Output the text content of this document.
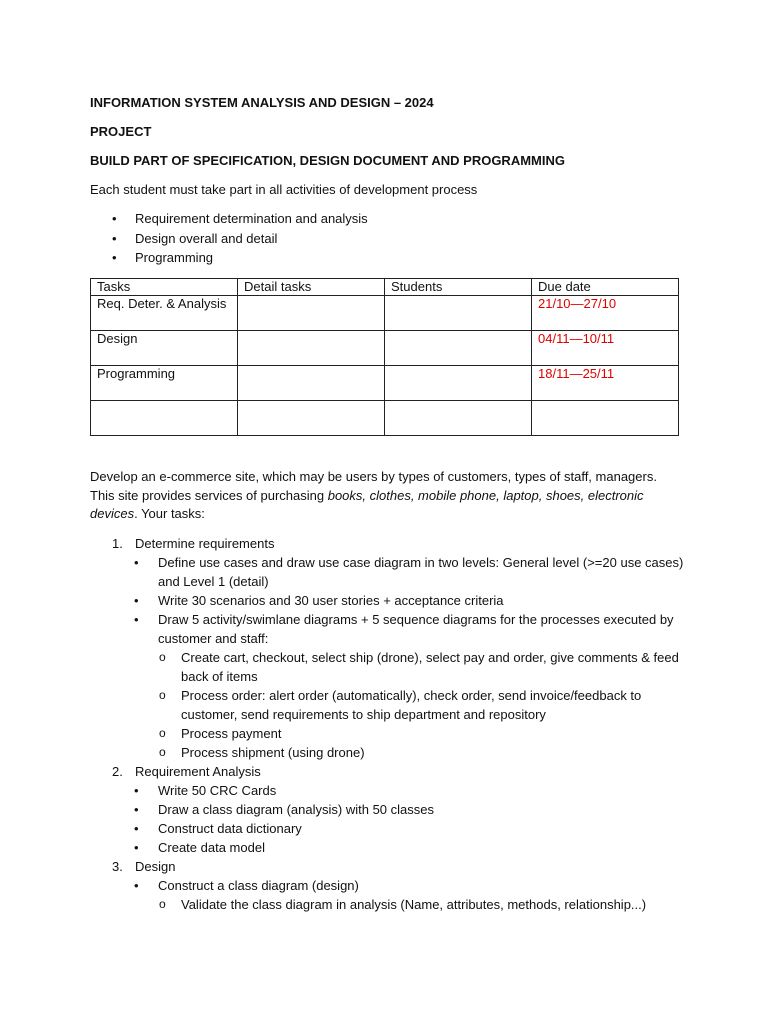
INFORMATION SYSTEM ANALYSIS AND DESIGN – 2024

PROJECT

BUILD PART OF SPECIFICATION, DESIGN DOCUMENT AND PROGRAMMING

Each student must take part in all activities of development process

• Requirement determination and analysis
• Design overall and detail
• Programming
Tasks	Detail tasks	Students	Due date
Req. Deter. & Analysis			21/10—27/10
Design			04/11—10/11
Programming			18/11—25/11

Develop an e-commerce site, which may be users by types of customers, types of staff, managers. This site provides services of purchasing books, clothes, mobile phone, laptop, shoes, electronic devices. Your tasks:

1. Determine requirements
• Define use cases and draw use case diagram in two levels: General level (>=20 use cases) and Level 1 (detail)
• Write 30 scenarios and 30 user stories + acceptance criteria
• Draw 5 activity/swimlane diagrams + 5 sequence diagrams for the processes executed by customer and staff:
o Create cart, checkout, select ship (drone), select pay and order, give comments & feed back of items
o Process order: alert order (automatically), check order, send invoice/feedback to customer, send requirements to ship department and repository
o Process payment
o Process shipment (using drone)
2. Requirement Analysis
• Write 50 CRC Cards
• Draw a class diagram (analysis) with 50 classes
• Construct data dictionary
• Create data model
3. Design
• Construct a class diagram (design)
o Validate the class diagram in analysis (Name, attributes, methods, relationship...)
